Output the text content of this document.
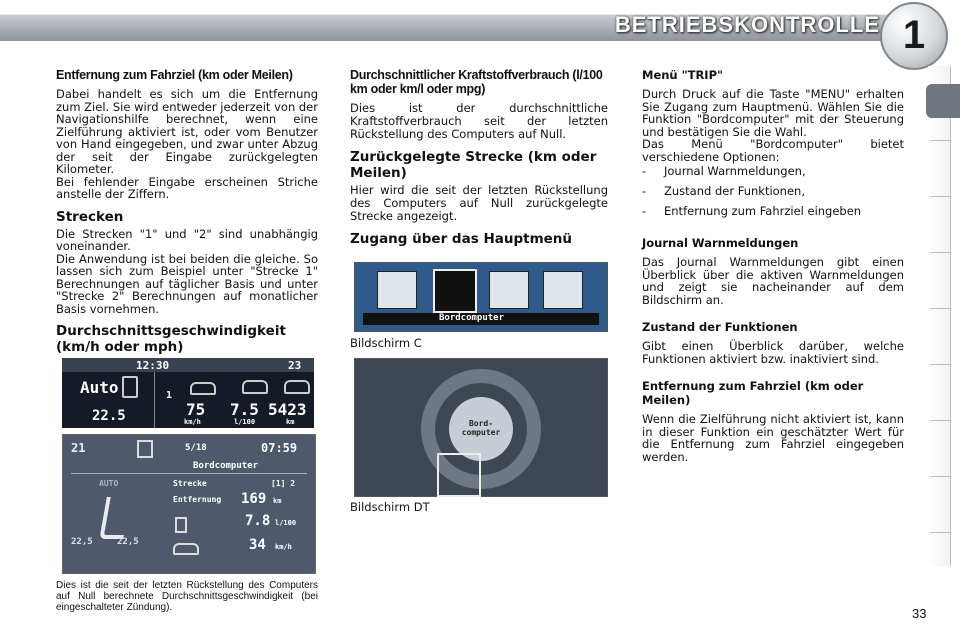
BETRIEBSKONTROLLE 1
Entfernung zum Fahrziel (km oder Meilen)

Dabei handelt es sich um die Entfernung zum Ziel. Sie wird entweder jederzeit von der Navigationshilfe berechnet, wenn eine Zielführung aktiviert ist, oder vom Benutzer von Hand eingegeben, und zwar unter Abzug der seit der Eingabe zurückgelegten Kilometer.

Bei fehlender Eingabe erscheinen Striche anstelle der Ziffern.

Strecken

Die Strecken "1" und "2" sind unabhängig voneinander.

Die Anwendung ist bei beiden die gleiche. So lassen sich zum Beispiel unter "Strecke 1" Berechnungen auf täglicher Basis und unter "Strecke 2" Berechnungen auf monatlicher Basis vornehmen.

Durchschnittsgeschwindigkeit (km/h oder mph)
12:30	23
Auto
22.5
1
75
km/h
7.5
l/100
5423
km
21	5/18	07:59
Bordcomputer
AUTO	Strecke	[1] 2
Entfernung 169 km
7.8 l/100
34 km/h
22,5	22,5

Dies ist die seit der letzten Rückstellung des Computers auf Null berechnete Durchschnittsgeschwindigkeit (bei eingeschalteter Zündung).

Durchschnittlicher Kraftstoffverbrauch (l/100 km oder km/l oder mpg)

Dies ist der durchschnittliche Kraftstoffverbrauch seit der letzten Rückstellung des Computers auf Null.

Zurückgelegte Strecke (km oder Meilen)

Hier wird die seit der letzten Rückstellung des Computers auf Null zurückgelegte Strecke angezeigt.

Zugang über das Hauptmenü
Bordcomputer
Bildschirm C
Bord-computer
Bildschirm DT
Menü "TRIP"

Durch Druck auf die Taste "MENU" erhalten Sie Zugang zum Hauptmenü. Wählen Sie die Funktion "Bordcomputer" mit der Steuerung und bestätigen Sie die Wahl.

Das Menü "Bordcomputer" bietet verschiedene Optionen:

- Journal Warnmeldungen,
- Zustand der Funktionen,
- Entfernung zum Fahrziel eingeben
Journal Warnmeldungen

Das Journal Warnmeldungen gibt einen Überblick über die aktiven Warnmeldungen und zeigt sie nacheinander auf dem Bildschirm an.

Zustand der Funktionen

Gibt einen Überblick darüber, welche Funktionen aktiviert bzw. inaktiviert sind.

Entfernung zum Fahrziel (km oder Meilen)

Wenn die Zielführung nicht aktiviert ist, kann in dieser Funktion ein geschätzter Wert für die Entfernung zum Fahrziel eingegeben werden.

33
